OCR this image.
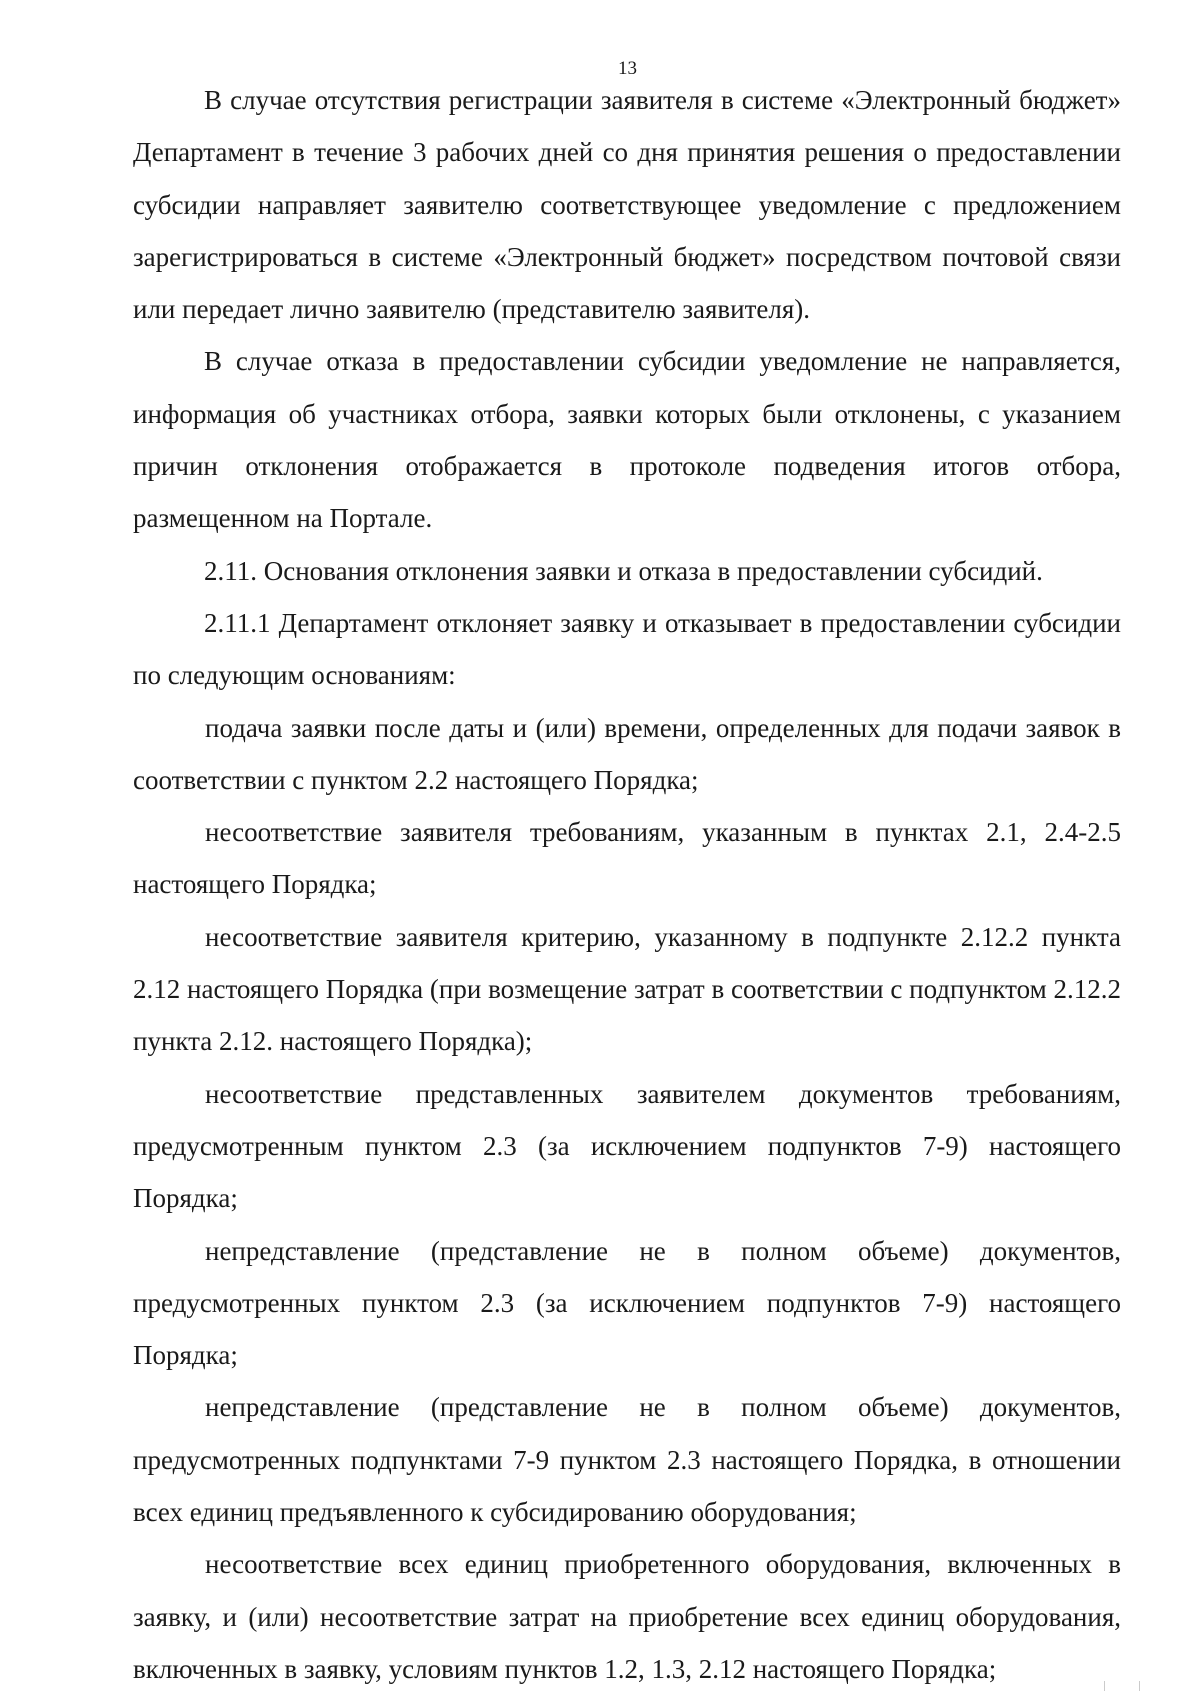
13

В случае отсутствия регистрации заявителя в системе «Электронный бюджет» Департамент в течение 3 рабочих дней со дня принятия решения о предоставлении субсидии направляет заявителю соответствующее уведомление с предложением зарегистрироваться в системе «Электронный бюджет» посредством почтовой связи или передает лично заявителю (представителю заявителя).

В случае отказа в предоставлении субсидии уведомление не направляется, информация об участниках отбора, заявки которых были отклонены, с указанием причин отклонения отображается в протоколе подведения итогов отбора, размещенном на Портале.

2.11. Основания отклонения заявки и отказа в предоставлении субсидий.

2.11.1 Департамент отклоняет заявку и отказывает в предоставлении субсидии по следующим основаниям:

подача заявки после даты и (или) времени, определенных для подачи заявок в соответствии с пунктом 2.2 настоящего Порядка;

несоответствие заявителя требованиям, указанным в пунктах 2.1, 2.4-2.5 настоящего Порядка;

несоответствие заявителя критерию, указанному в подпункте 2.12.2 пункта 2.12 настоящего Порядка (при возмещение затрат в соответствии с подпунктом 2.12.2 пункта 2.12. настоящего Порядка);

несоответствие представленных заявителем документов требованиям, предусмотренным пунктом 2.3 (за исключением подпунктов 7-9) настоящего Порядка;

непредставление (представление не в полном объеме) документов, предусмотренных пунктом 2.3 (за исключением подпунктов 7-9) настоящего Порядка;

непредставление (представление не в полном объеме) документов, предусмотренных подпунктами 7-9 пунктом 2.3 настоящего Порядка, в отношении всех единиц предъявленного к субсидированию оборудования;

несоответствие всех единиц приобретенного оборудования, включенных в заявку, и (или) несоответствие затрат на приобретение всех единиц оборудования, включенных в заявку, условиям пунктов 1.2, 1.3, 2.12 настоящего Порядка;
